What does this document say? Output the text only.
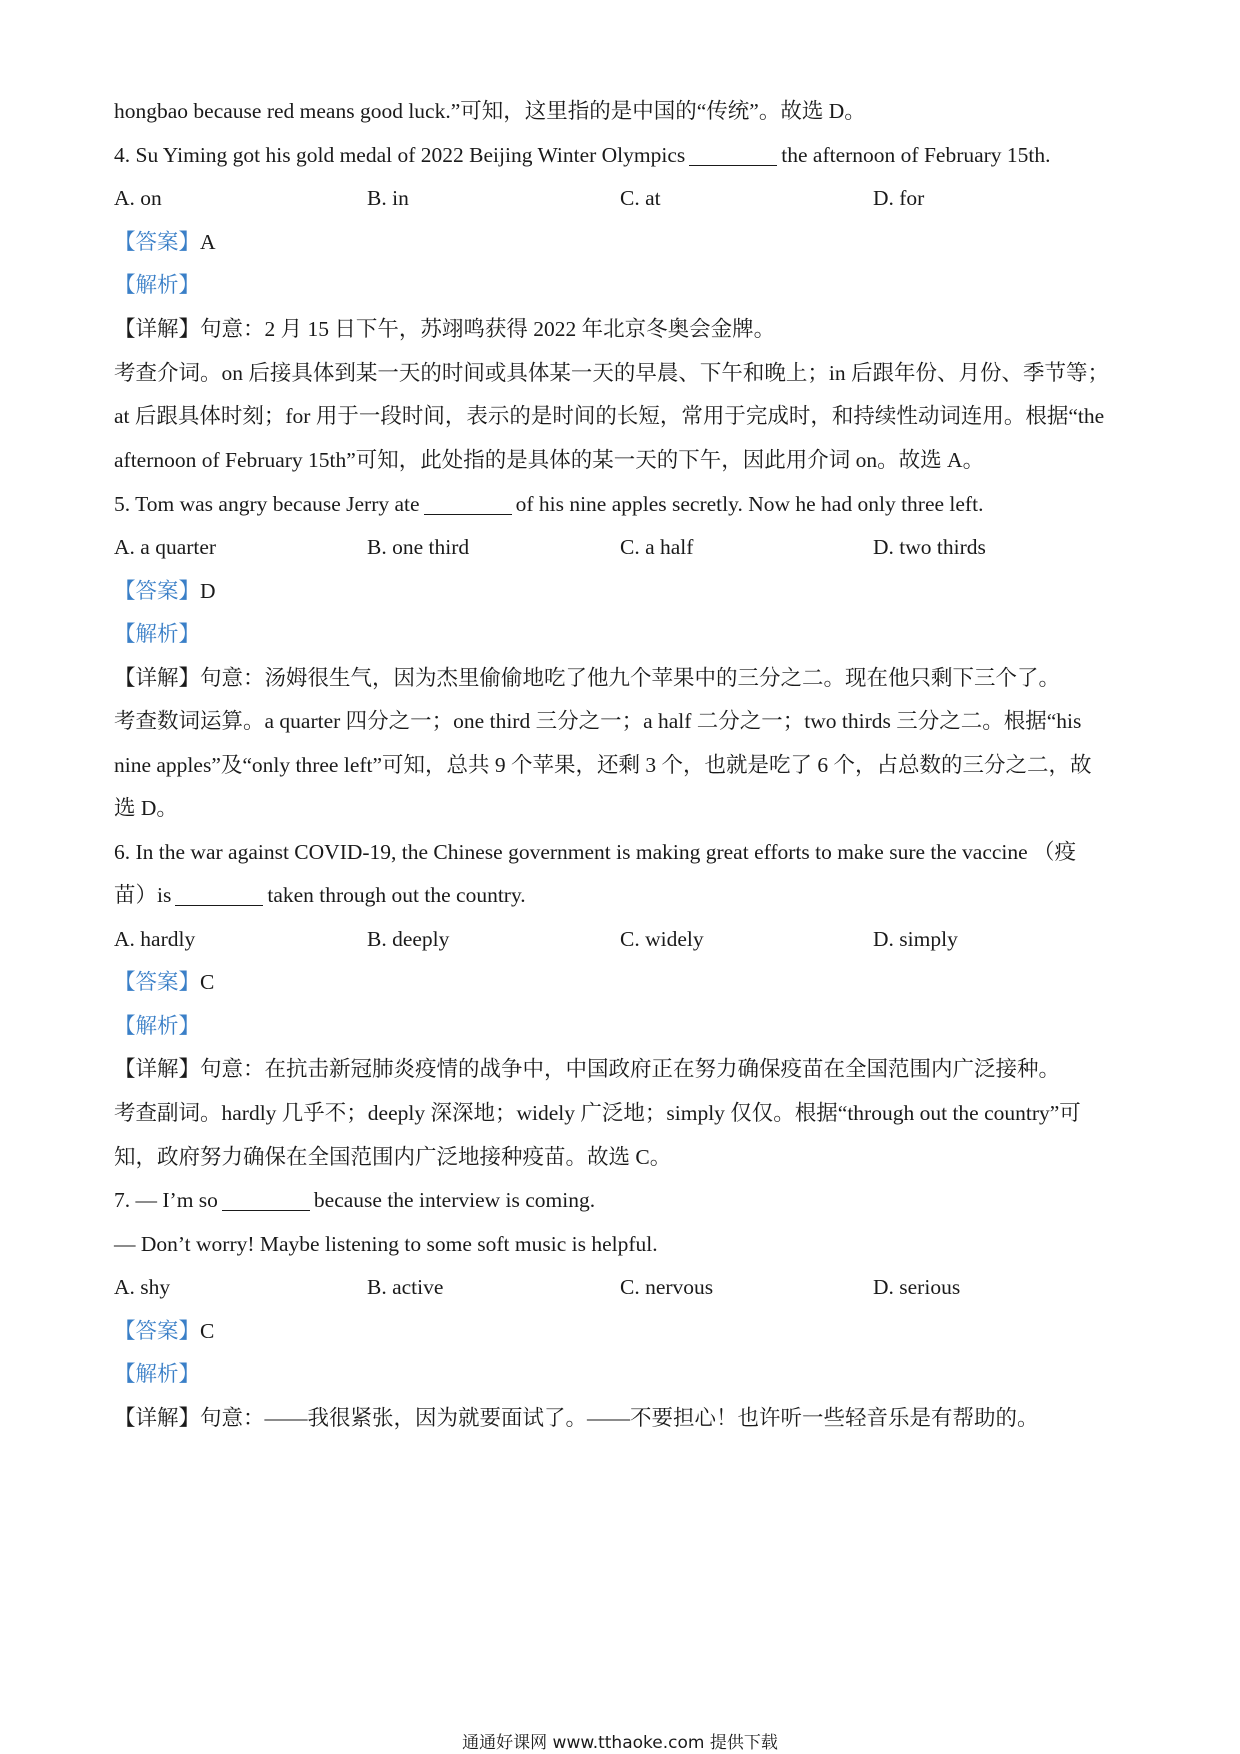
hongbao because red means good luck.”可知，这里指的是中国的“传统”。故选 D。
4. Su Yiming got his gold medal of 2022 Beijing Winter Olympics	the afternoon of February 15th.
A. on	B. in	C. at	D. for
【答案】A
【解析】
【详解】句意：2 月 15 日下午，苏翊鸣获得 2022 年北京冬奥会金牌。
考查介词。on 后接具体到某一天的时间或具体某一天的早晨、下午和晚上；in 后跟年份、月份、季节等；
at 后跟具体时刻；for 用于一段时间，表示的是时间的长短，常用于完成时，和持续性动词连用。根据“the
afternoon of February 15th”可知，此处指的是具体的某一天的下午，因此用介词 on。故选 A。
5. Tom was angry because Jerry ate	of his nine apples secretly. Now he had only three left.
A. a quarter	B. one third	C. a half	D. two thirds
【答案】D
【解析】
【详解】句意：汤姆很生气，因为杰里偷偷地吃了他九个苹果中的三分之二。现在他只剩下三个了。
考查数词运算。a quarter 四分之一；one third 三分之一；a half 二分之一；two thirds 三分之二。根据“his
nine apples”及“only three left”可知，总共 9 个苹果，还剩 3 个，也就是吃了 6 个，占总数的三分之二，故
选 D。
6. In the war against COVID-19, the Chinese government is making great efforts to make sure the vaccine （疫
苗）is	taken through out the country.
A. hardly	B. deeply	C. widely	D. simply
【答案】C
【解析】
【详解】句意：在抗击新冠肺炎疫情的战争中，中国政府正在努力确保疫苗在全国范围内广泛接种。
考查副词。hardly 几乎不；deeply 深深地；widely 广泛地；simply 仅仅。根据“through out the country”可
知，政府努力确保在全国范围内广泛地接种疫苗。故选 C。
7. — I’m so	because the interview is coming.
— Don’t worry! Maybe listening to some soft music is helpful.
A. shy	B. active	C. nervous	D. serious
【答案】C
【解析】
【详解】句意：——我很紧张，因为就要面试了。——不要担心！也许听一些轻音乐是有帮助的。
通通好课网 www.tthaoke.com 提供下载
